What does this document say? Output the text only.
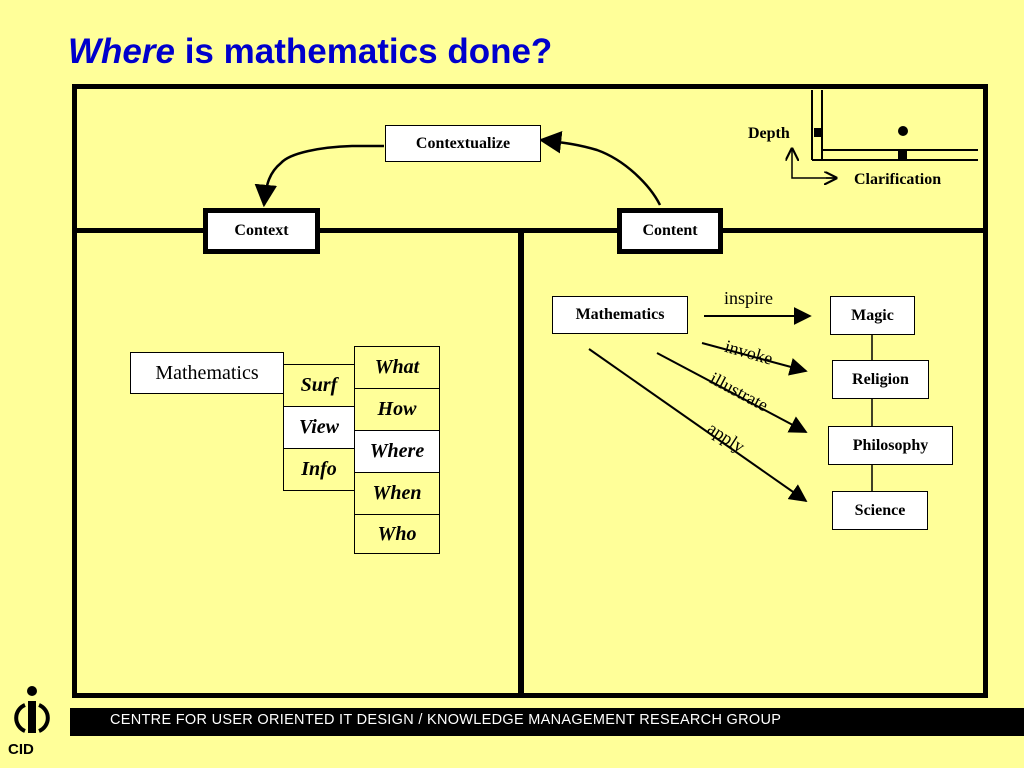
Where is mathematics done?
Contextualize
Context	Content
Depth
Clarification
Mathematics
Surf
View
Info
What
How
Where
When
Who
Mathematics
inspire
invoke
illustrate
apply
Magic
Religion
Philosophy
Science
CID
CENTRE FOR USER ORIENTED IT DESIGN / KNOWLEDGE MANAGEMENT RESEARCH GROUP
